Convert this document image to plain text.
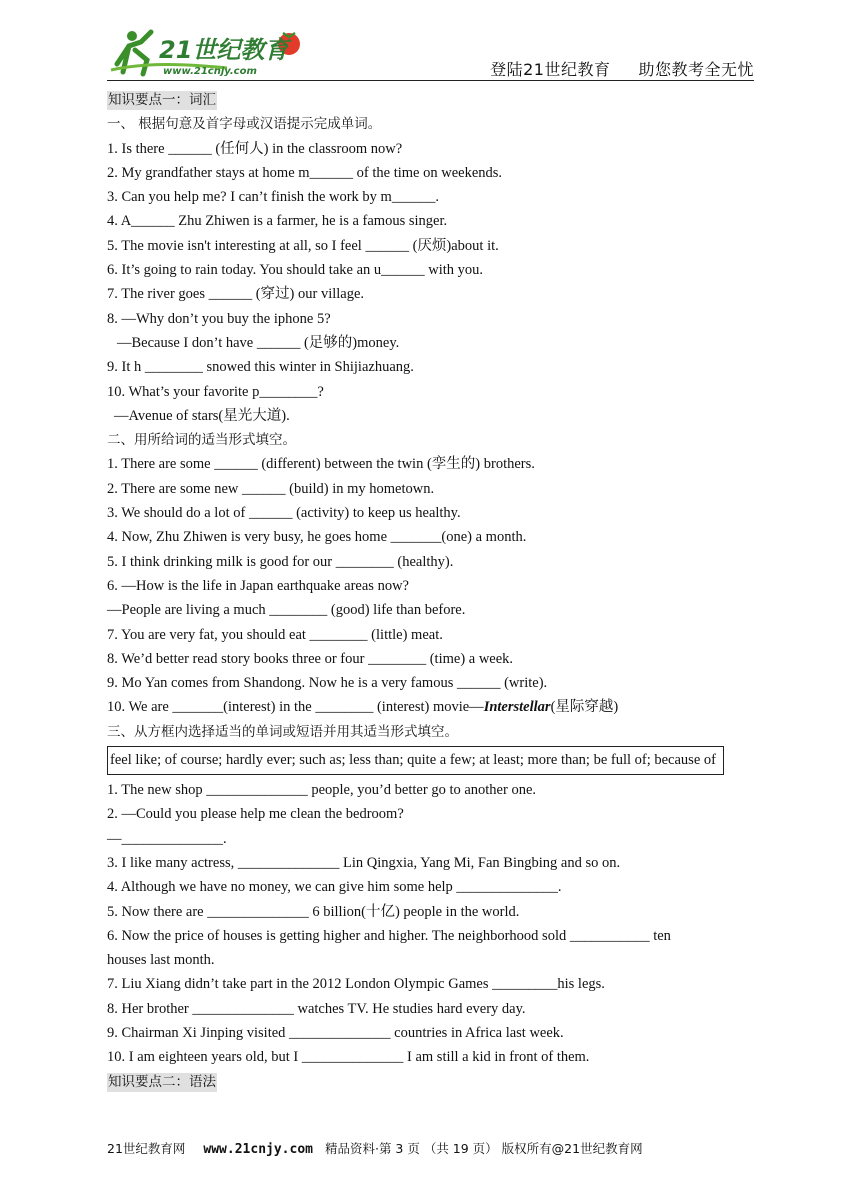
21世纪教育
www.21cnjy.com	登陆21世纪教育 助您教考全无忧
知识要点一：词汇
一、 根据句意及首字母或汉语提示完成单词。
1. Is there ______ (任何人) in the classroom now?
2. My grandfather stays at home m______ of the time on weekends.
3. Can you help me? I can’t finish the work by m______.
4. A______ Zhu Zhiwen is a farmer, he is a famous singer.
5. The movie isn't interesting at all, so I feel ______ (厌烦)about it.
6. It’s going to rain today. You should take an u______ with you.
7. The river goes ______ (穿过) our village.
8. —Why don’t you buy the iphone 5?
—Because I don’t have ______ (足够的)money.
9. It h ________ snowed this winter in Shijiazhuang.
10. What’s your favorite p________?
—Avenue of stars(星光大道).
二、用所给词的适当形式填空。
1. There are some ______ (different) between the twin (孪生的) brothers.
2. There are some new ______ (build) in my hometown.
3. We should do a lot of ______ (activity) to keep us healthy.
4. Now, Zhu Zhiwen is very busy, he goes home _______(one) a month.
5. I think drinking milk is good for our ________ (healthy).
6. —How is the life in Japan earthquake areas now?
—People are living a much ________ (good) life than before.
7. You are very fat, you should eat ________ (little) meat.
8. We’d better read story books three or four ________ (time) a week.
9. Mo Yan comes from Shandong. Now he is a very famous ______ (write).
10. We are _______(interest) in the ________ (interest) movie—Interstellar(星际穿越)
三、从方框内选择适当的单词或短语并用其适当形式填空。
feel like; of course; hardly ever; such as; less than; quite a few; at least; more than; be full of; because of
1. The new shop ______________ people, you’d better go to another one.
2. —Could you please help me clean the bedroom?
—______________.
3. I like many actress, ______________ Lin Qingxia, Yang Mi, Fan Bingbing and so on.
4. Although we have no money, we can give him some help ______________.
5. Now there are ______________ 6 billion(十亿) people in the world.
6. Now the price of houses is getting higher and higher. The neighborhood sold ___________ ten
houses last month.
7. Liu Xiang didn’t take part in the 2012 London Olympic Games _________his legs.
8. Her brother ______________ watches TV. He studies hard every day.
9. Chairman Xi Jinping visited ______________ countries in Africa last week.
10. I am eighteen years old, but I ______________ I am still a kid in front of them.
知识要点二：语法
21世纪教育网 www.21cnjy.com 精品资料·第 3 页 （共 19 页） 版权所有@21世纪教育网
